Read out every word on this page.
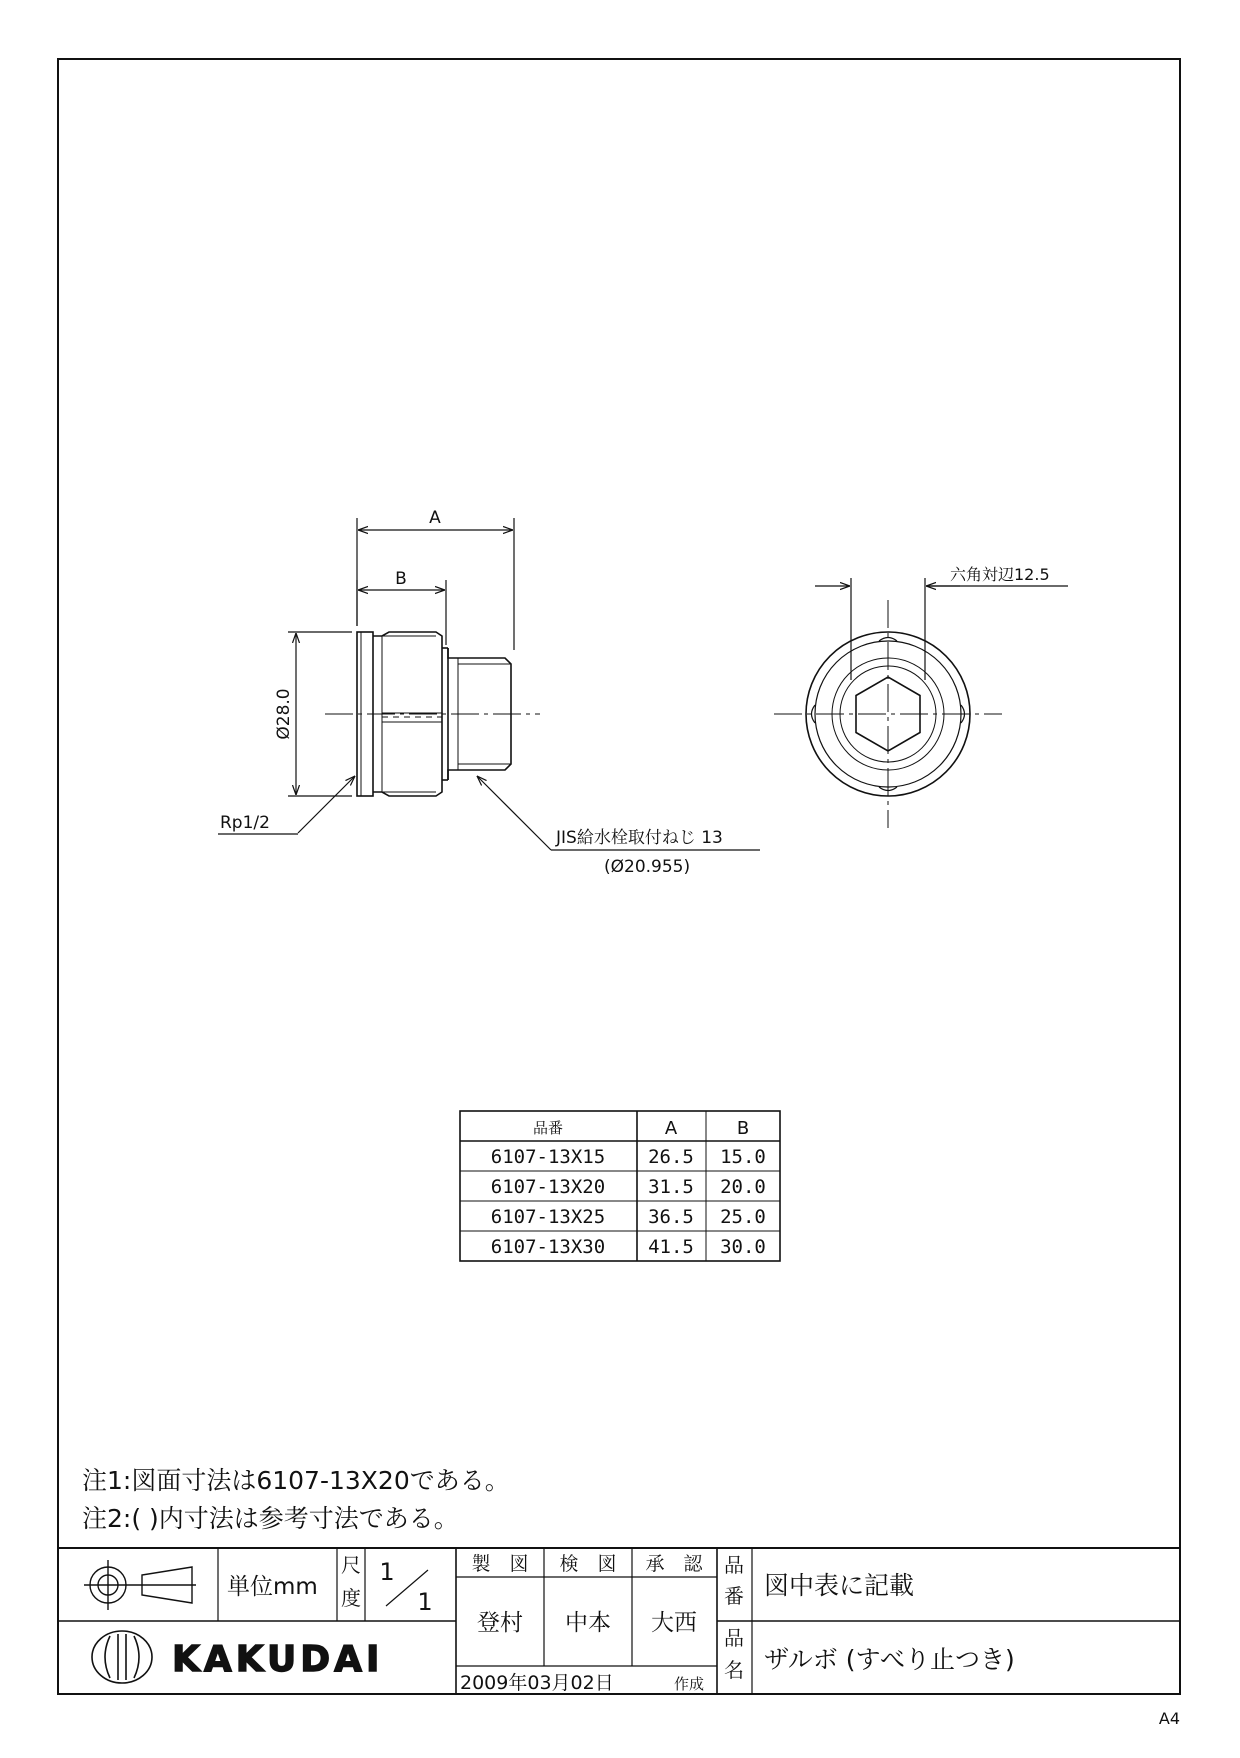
A
B
Ø28.0
Rp1/2
JIS給水栓取付ねじ 13
(Ø20.955)
六角対辺12.5
品番	A	B
6107-13X15 26.5 15.0
6107-13X20 31.5 20.0
6107-13X25 36.5 25.0
6107-13X30 41.5 30.0
注1:図面寸法は6107-13X20である。
注2:( )内寸法は参考寸法である。
単位mm
尺
度
1
1
製　図 検　図 承　認
登村 中本 大西
品
番 図中表に記載
品
名 ザルボ (すべり止つき)
2009年03月02日	作成
KAKUDAI
A4
